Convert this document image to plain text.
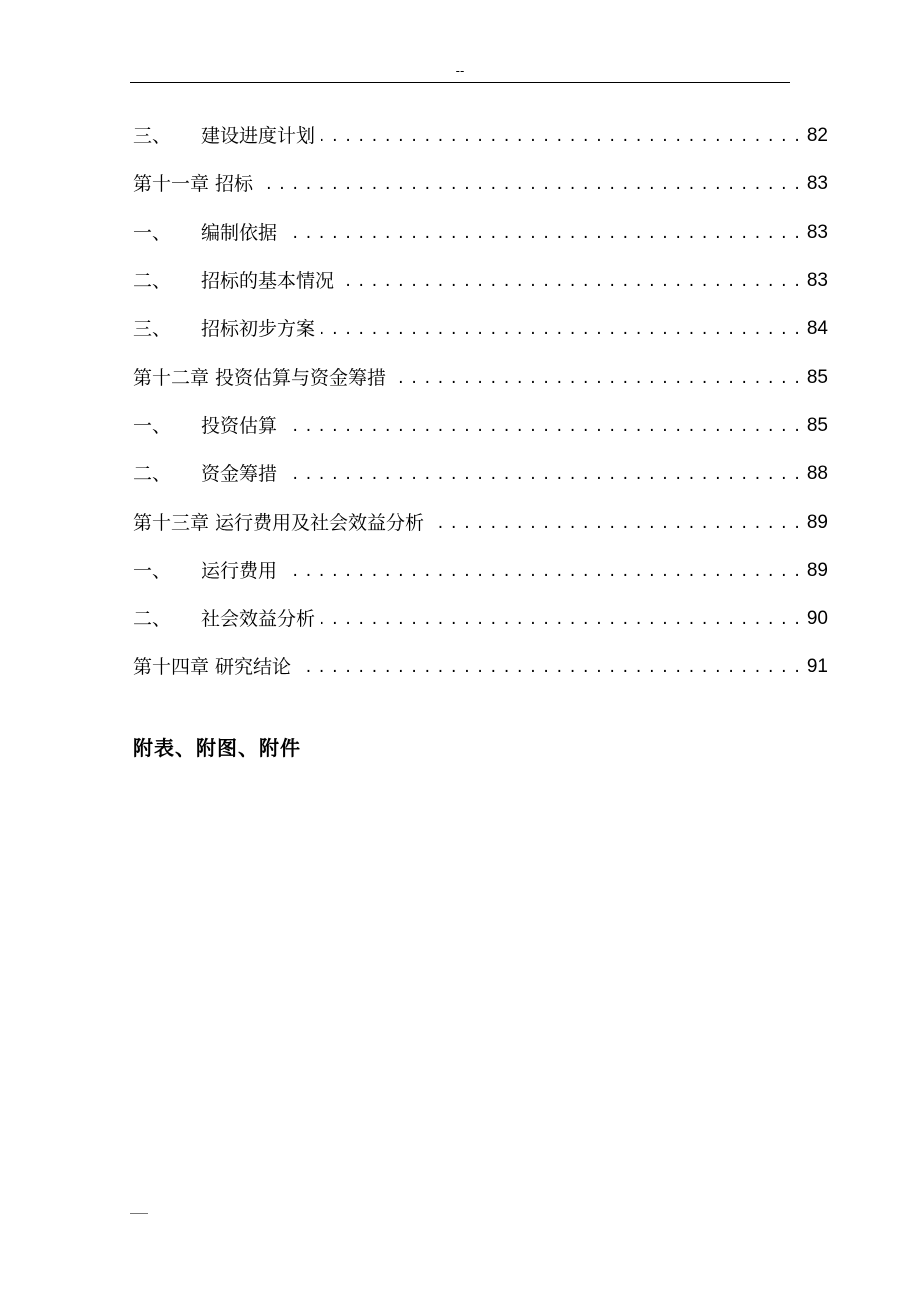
--
三、	建设进度计划 . . .	82
第十一章 招标 . . .	83
一、	编制依据 . . .	83
二、	招标的基本情况 . . .	83
三、	招标初步方案 . . .	84
第十二章 投资估算与资金筹措 . . .	85
一、	投资估算 . . .	85
二、	资金筹措 . . .	88
第十三章 运行费用及社会效益分析 . . .	89
一、	运行费用 . . .	89
二、	社会效益分析 . . .	90
第十四章 研究结论 . . .	91
附表、附图、附件
